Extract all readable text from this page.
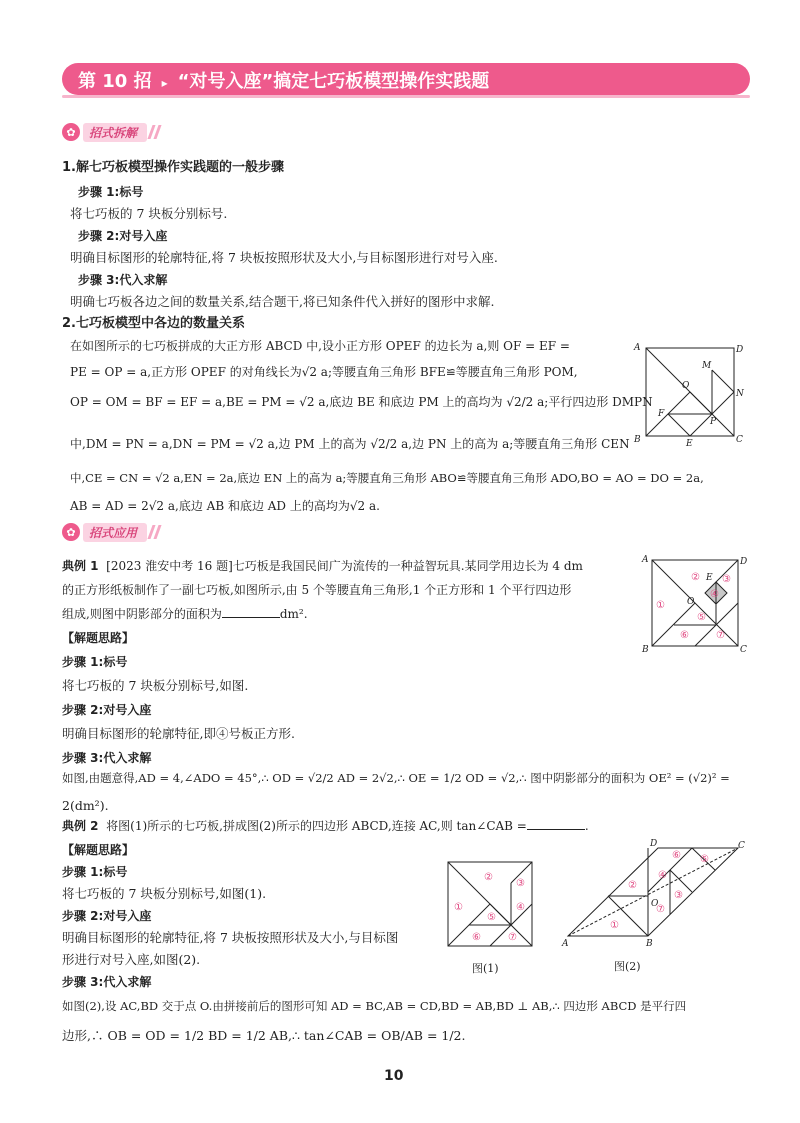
第 10 招 ▸ “对号入座”搞定七巧板模型操作实践题
✿	招式拆解
1.解七巧板模型操作实践题的一般步骤
步骤 1:标号
将七巧板的 7 块板分别标号.
步骤 2:对号入座
明确目标图形的轮廓特征,将 7 块板按照形状及大小,与目标图形进行对号入座.
步骤 3:代入求解
明确七巧板各边之间的数量关系,结合题干,将已知条件代入拼好的图形中求解.
2.七巧板模型中各边的数量关系
在如图所示的七巧板拼成的大正方形 ABCD 中,设小正方形 OPEF 的边长为 a,则 OF = EF =
PE = OP = a,正方形 OPEF 的对角线长为√2 a;等腰直角三角形 BFE≌等腰直角三角形 POM,
OP = OM = BF = EF = a,BE = PM = √2 a,底边 BE 和底边 PM 上的高均为 √2/2 a;平行四边形 DMPN
中,DM = PN = a,DN = PM = √2 a,边 PM 上的高为 √2/2 a,边 PN 上的高为 a;等腰直角三角形 CEN
中,CE = CN = √2 a,EN = 2a,底边 EN 上的高为 a;等腰直角三角形 ABO≌等腰直角三角形 ADO,BO = AO = DO = 2a,
AB = AD = 2√2 a,底边 AB 和底边 AD 上的高均为√2 a.
A	D
B	C
M
N
O
P
E
F
✿	招式应用
典例 1 [2023 淮安中考 16 题]七巧板是我国民间广为流传的一种益智玩具.某同学用边长为 4 dm
的正方形纸板制作了一副七巧板,如图所示,由 5 个等腰直角三角形,1 个正方形和 1 个平行四边形
组成,则图中阴影部分的面积为	dm².
【解题思路】
步骤 1:标号
将七巧板的 7 块板分别标号,如图.
步骤 2:对号入座
明确目标图形的轮廓特征,即④号板正方形.
步骤 3:代入求解
如图,由题意得,AD = 4,∠ADO = 45°,∴ OD = √2/2 AD = 2√2,∴ OE = 1/2 OD = √2,∴ 图中阴影部分的面积为 OE² = (√2)² =
2(dm²).
A	D
B	C
E
O
② ③
①
④
⑤
⑥	⑦
典例 2 将图(1)所示的七巧板,拼成图(2)所示的四边形 ABCD,连接 AC,则 tan∠CAB =	.
【解题思路】
步骤 1:标号
将七巧板的 7 块板分别标号,如图(1).
步骤 2:对号入座
明确目标图形的轮廓特征,将 7 块板按照形状及大小,与目标图
形进行对号入座,如图(2).
步骤 3:代入求解
如图(2),设 AC,BD 交于点 O.由拼接前后的图形可知 AD = BC,AB = CD,BD = AB,BD ⊥ AB,∴ 四边形 ABCD 是平行四
边形,∴ OB = OD = 1/2 BD = 1/2 AB,∴ tan∠CAB = OB/AB = 1/2.
①
②
③
④
⑤
⑥	⑦
图(1)
A	B
C
D
O
①
②
③
④
⑤
⑥
⑦
图(2)
10
